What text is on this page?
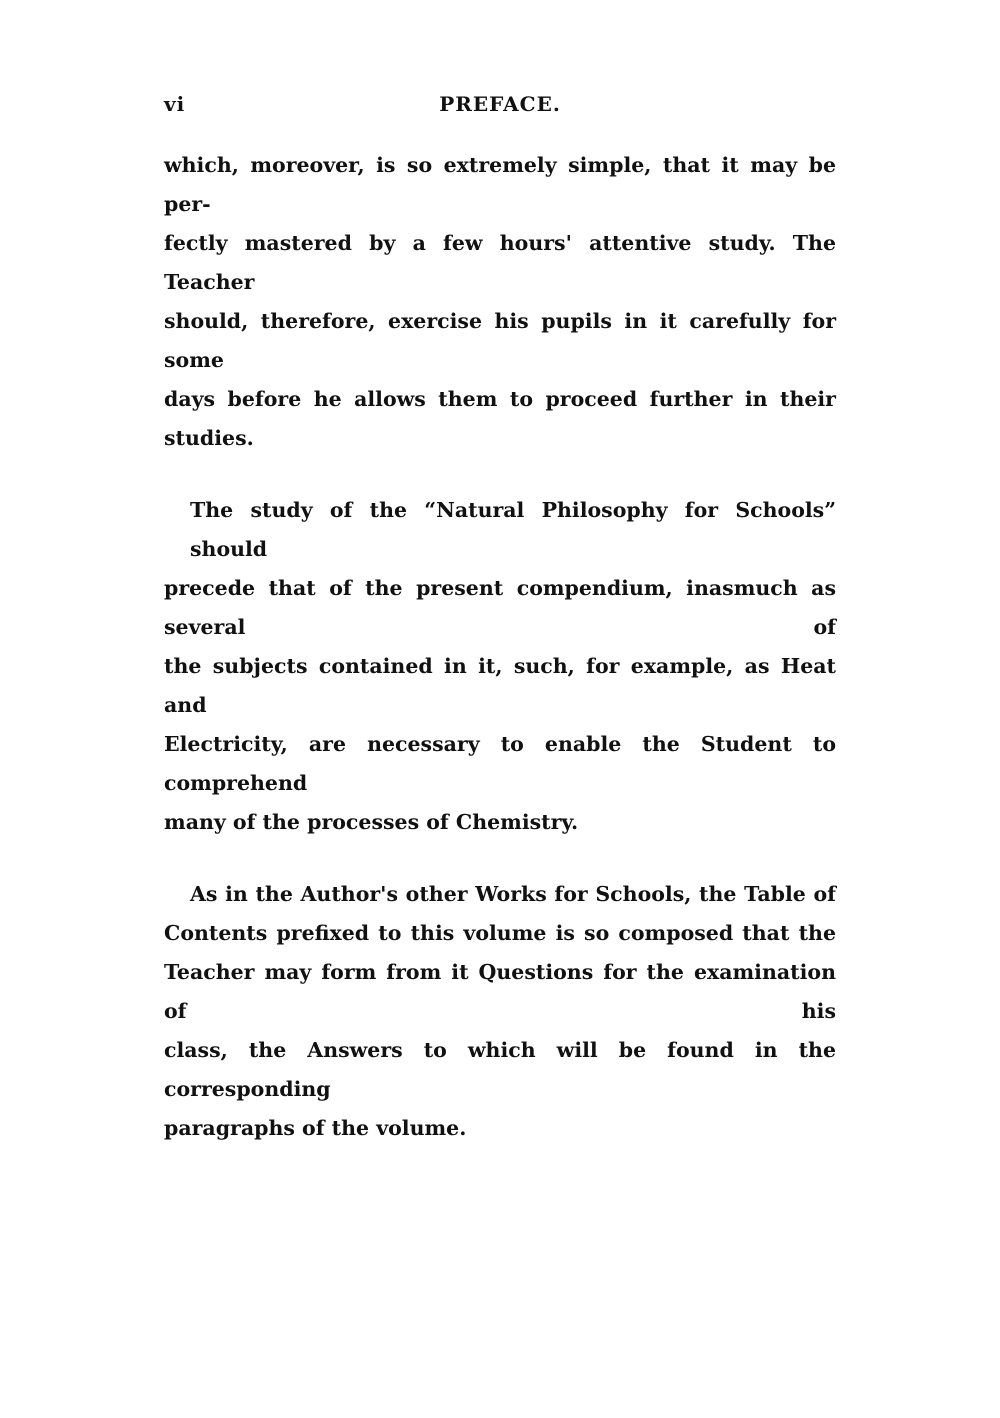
vi	PREFACE.

which, moreover, is so extremely simple, that it may be per-
fectly mastered by a few hours' attentive study. The Teacher
should, therefore, exercise his pupils in it carefully for some
days before he allows them to proceed further in their studies.

The study of the “Natural Philosophy for Schools” should
precede that of the present compendium, inasmuch as several of
the subjects contained in it, such, for example, as Heat and
Electricity, are necessary to enable the Student to comprehend
many of the processes of Chemistry.

As in the Author's other Works for Schools, the Table of
Contents prefixed to this volume is so composed that the
Teacher may form from it Questions for the examination of his
class, the Answers to which will be found in the corresponding
paragraphs of the volume.
